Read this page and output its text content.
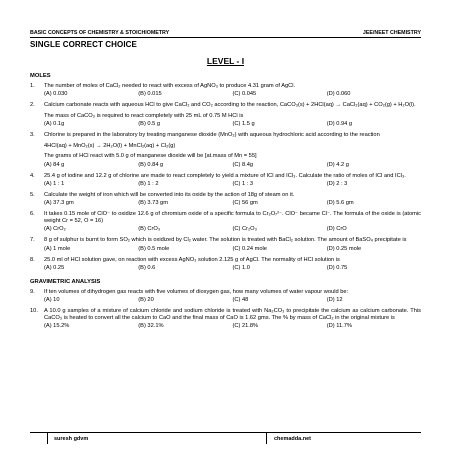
BASIC CONCEPTS OF CHEMISTRY & STOICHIOMETRY	JEE/NEET CHEMISTRY
SINGLE CORRECT CHOICE
LEVEL - I
MOLES
1.	The number of moles of CaCl₂ needed to react with excess of AgNO₃ to produce 4.31 gram of AgCl.
(A) 0.030	(B) 0.015	(C) 0.045	(D) 0.060
2.	Calcium carbonate reacts with aqueous HCl to give CaCl₂ and CO₂ according to the reaction, CaCO₃(s) + 2HCl(aq) → CaCl₂(aq) + CO₂(g) + H₂O(l).
The mass of CaCO₃ is required to react completely with 25 mL of 0.75 M HCl is
(A) 0.1g	(B) 0.5 g	(C) 1.5 g	(D) 0.94 g
3.	Chlorine is prepared in the laboratory by treating manganese dioxide (MnO₂) with aqueous hydrochloric acid according to the reaction
4HCl(aq) + MnO₂(s) → 2H₂O(l) + MnCl₂(aq) + Cl₂(g)
The grams of HCl react with 5.0 g of manganese dioxide will be [at.mass of Mn = 55]
(A) 84 g	(B) 0.84 g	(C) 8.4g	(D) 4.2 g
4.	25.4 g of iodine and 12.2 g of chlorine are made to react completely to yield a mixture of ICl and ICl₃. Calculate the ratio of moles of ICl and ICl₃.
(A) 1 : 1	(B) 1 : 2	(C) 1 : 3	(D) 2 : 3
5.	Calculate the weight of iron which will be converted into its oxide by the action of 18g of steam on it.
(A) 37.3 gm	(B) 3.73 gm	(C) 56 gm	(D) 5.6 gm
6.	It takes 0.15 mole of ClO⁻ to oxidize 12.6 g of chromium oxide of a specific formula to Cr₂O₇²⁻. ClO⁻ became Cl⁻. The formula of the oxide is (atomic weight Cr = 52, O = 16)
(A) CrO₂	(B) CrO₃	(C) Cr₂O₃	(D) CrO
7.	8 g of sulphur is burnt to form SO₂ which is oxidized by Cl₂ water. The solution is treated with BaCl₂ solution. The amount of BaSO₄ precipitate is
(A) 1 mole	(B) 0.5 mole	(C) 0.24 mole	(D) 0.25 mole
8.	25.0 ml of HCl solution gave, on reaction with excess AgNO₃ solution 2.125 g of AgCl. The normality of HCl solution is
(A) 0.25	(B) 0.6	(C) 1.0	(D) 0.75
GRAVIMETRIC ANALYSIS
9.	If ten volumes of dihydrogen gas reacts with five volumes of dioxygen gas, how many volumes of water vapour would be:
(A) 10	(B) 20	(C) 48	(D) 12
10.	A 10.0 g samples of a mixture of calcium chloride and sodium chloride is treated with Na₂CO₃ to precipitate the calcium as calcium carbonate. This CaCO₃ is heated to convert all the calcium to CaO and the final mass of CaO is 1.62 gms. The % by mass of CaCl₂ in the original mixture is
(A) 15.2%	(B) 32.1%	(C) 21.8%	(D) 11.7%
suresh gdvm	chemadda.net
